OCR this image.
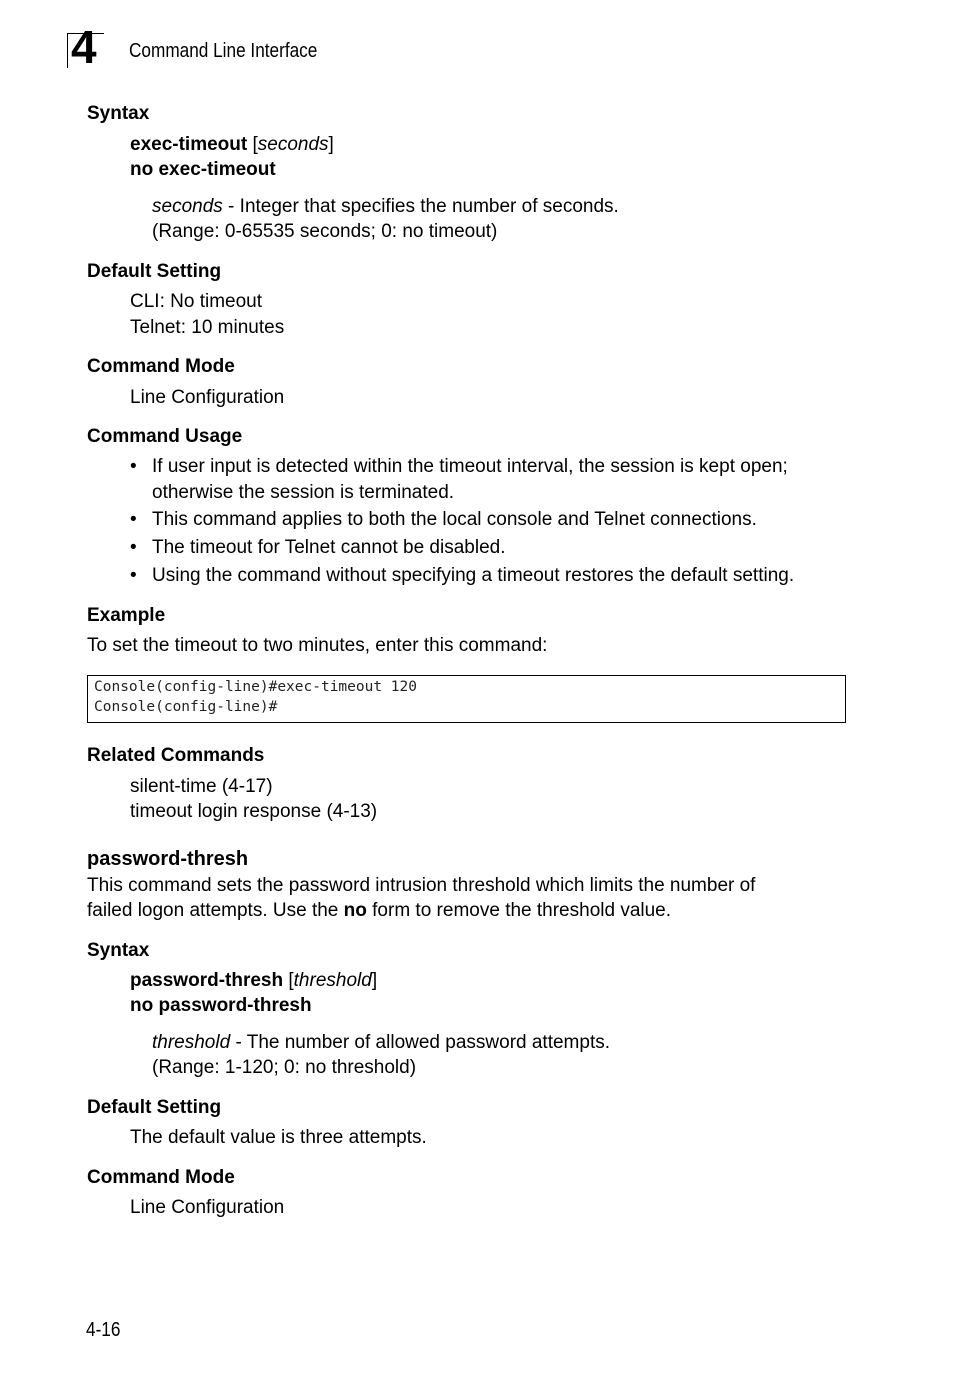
4 Command Line Interface
Syntax
exec-timeout [seconds]
no exec-timeout
seconds - Integer that specifies the number of seconds.
(Range: 0-65535 seconds; 0: no timeout)
Default Setting
CLI: No timeout
Telnet: 10 minutes
Command Mode
Line Configuration
Command Usage
• If user input is detected within the timeout interval, the session is kept open;
otherwise the session is terminated.
• This command applies to both the local console and Telnet connections.
• The timeout for Telnet cannot be disabled.
• Using the command without specifying a timeout restores the default setting.
Example
To set the timeout to two minutes, enter this command:
Console(config-line)#exec-timeout 120
Console(config-line)#
Related Commands
silent-time (4-17)
timeout login response (4-13)
password-thresh
This command sets the password intrusion threshold which limits the number of
failed logon attempts. Use the no form to remove the threshold value.
Syntax
password-thresh [threshold]
no password-thresh
threshold - The number of allowed password attempts.
(Range: 1-120; 0: no threshold)
Default Setting
The default value is three attempts.
Command Mode
Line Configuration
4-16
